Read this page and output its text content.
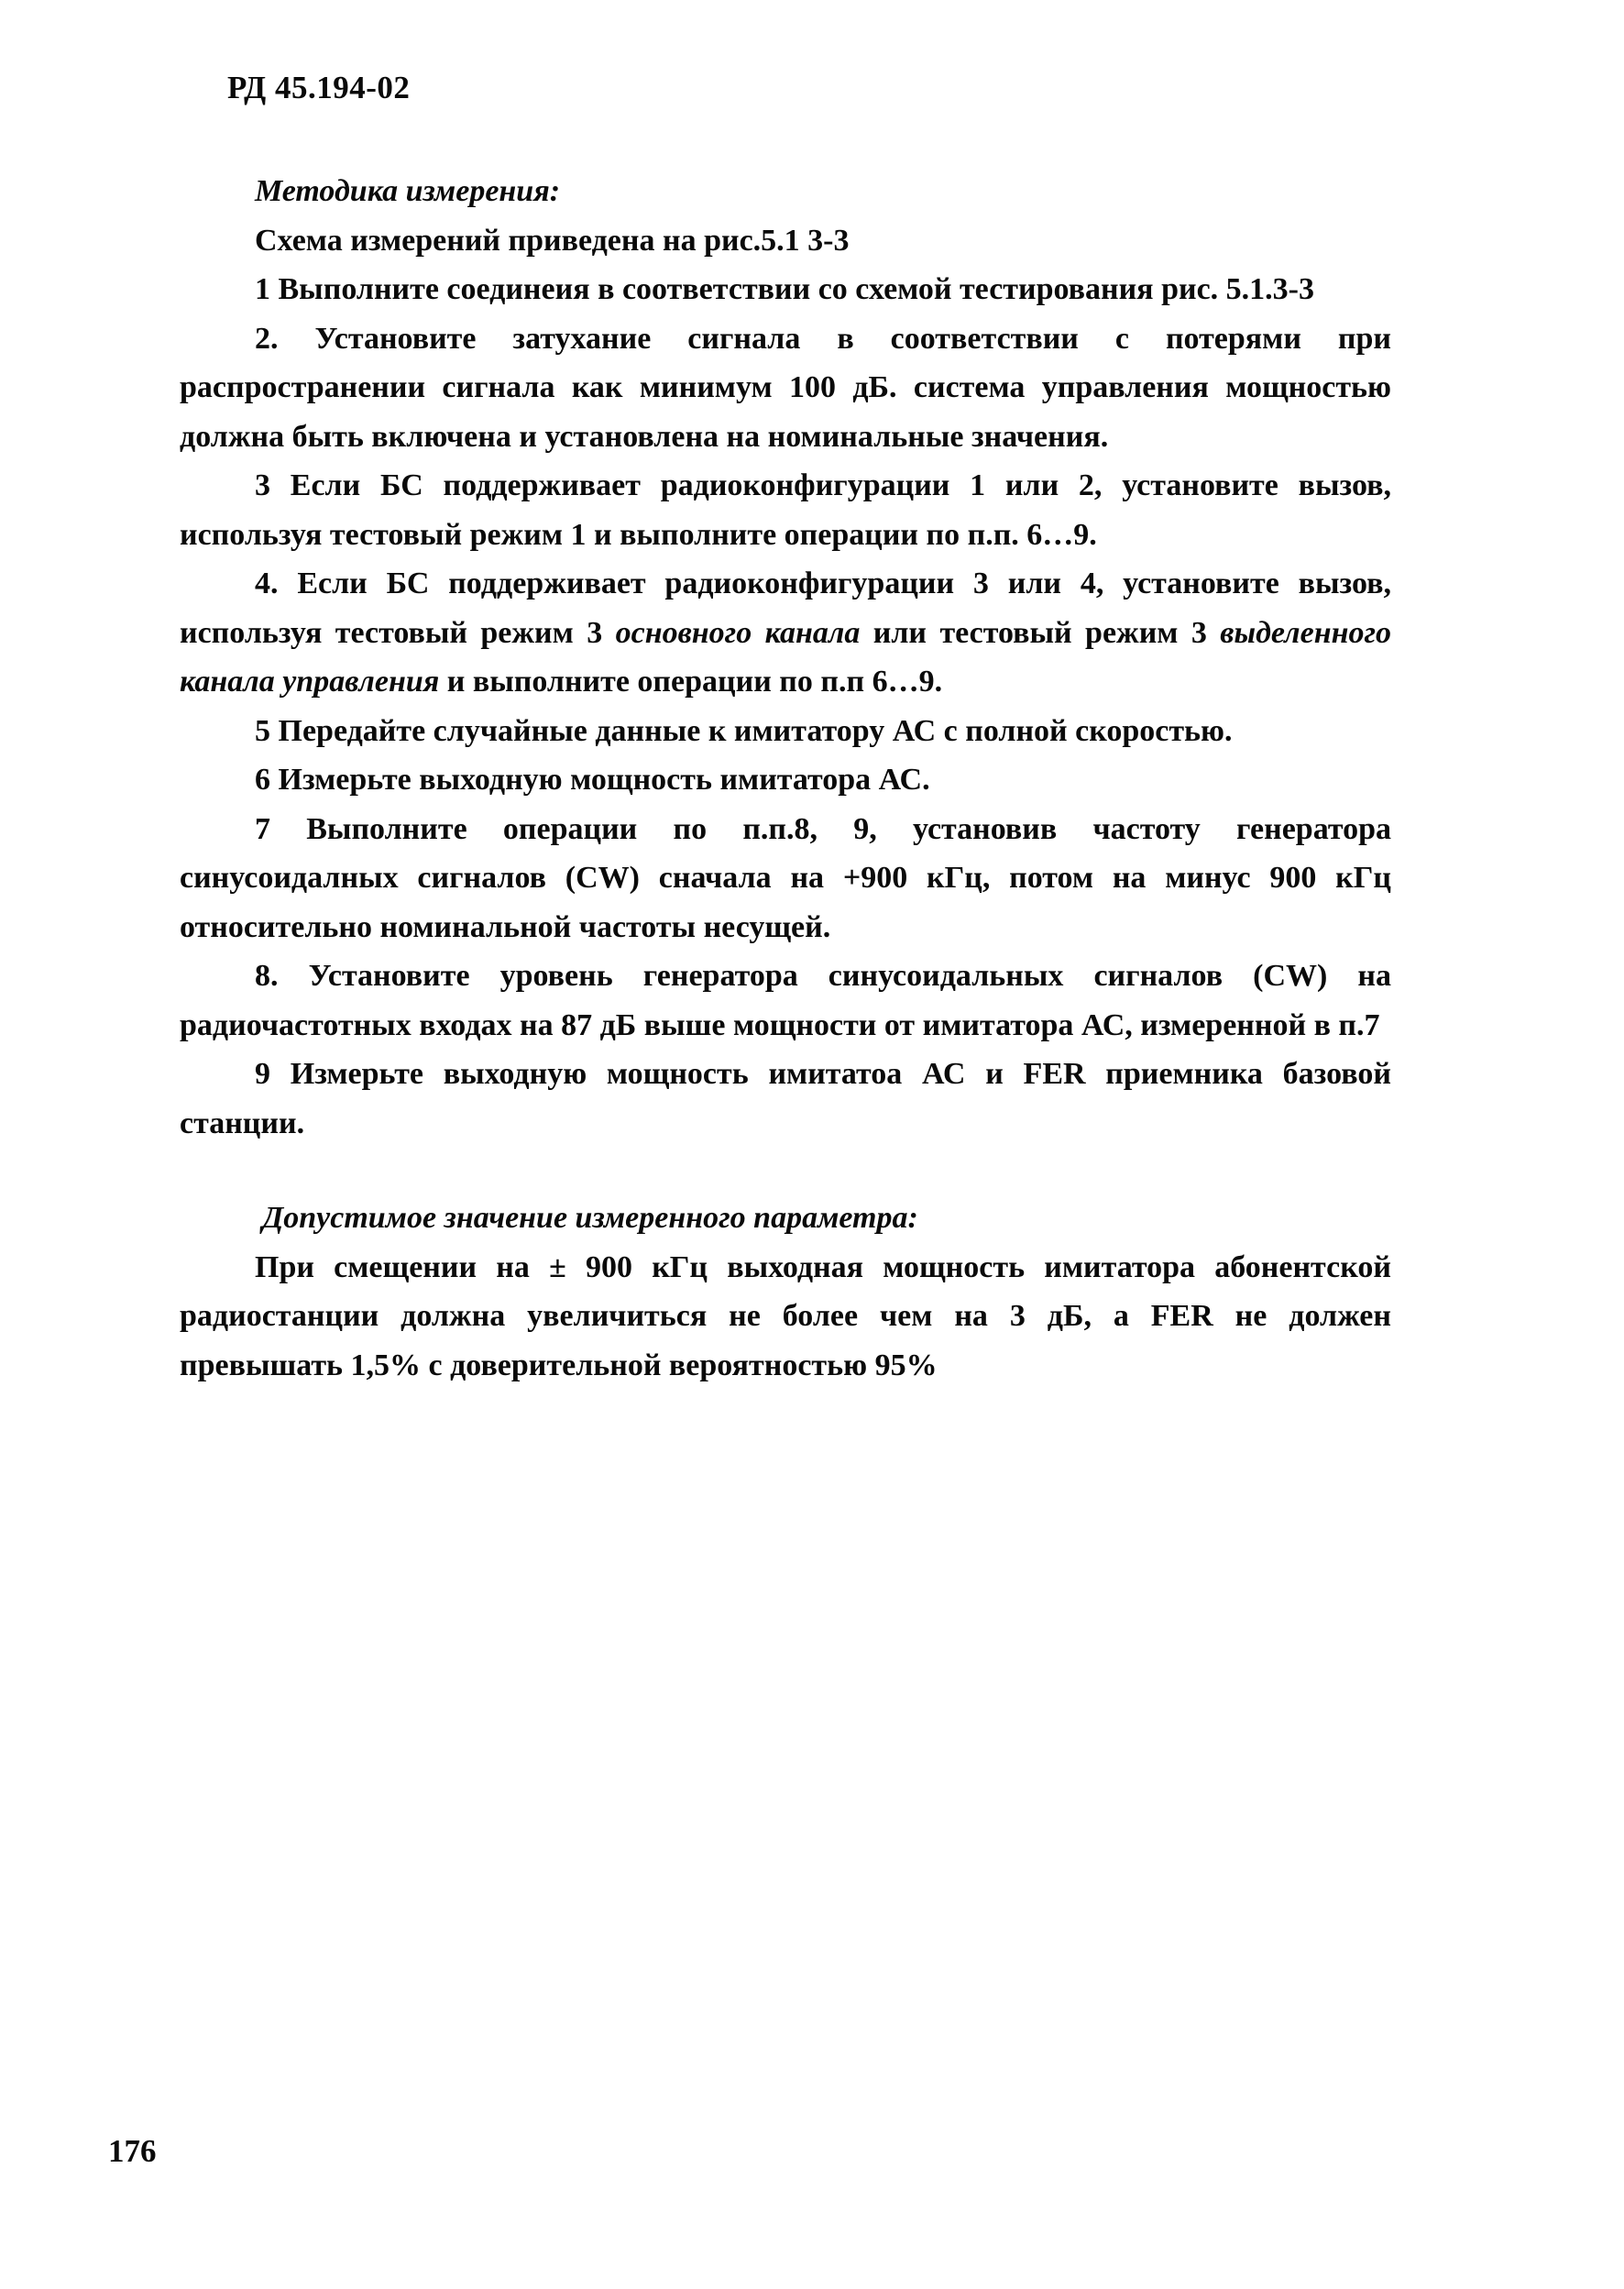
РД 45.194-02

Методика измерения:

Схема измерений приведена на рис.5.1 3-3

1 Выполните соединеия в соответствии со схемой тестирования рис. 5.1.3-3

2. Установите затухание сигнала в соответствии с потерями при распространении сигнала как минимум 100 дБ. система управления мощностью должна быть включена и установлена на номинальные значения.

3 Если БС поддерживает радиоконфигурации 1 или 2, установите вызов, используя тестовый режим 1 и выполните операции по п.п. 6…9.

4. Если БС поддерживает радиоконфигурации 3 или 4, установите вызов, используя тестовый режим 3 основного канала или тестовый режим 3 выделенного канала управления и выполните операции по п.п 6…9.

5 Передайте случайные данные к имитатору АС с полной скоростью.

6 Измерьте выходную мощность имитатора АС.

7 Выполните операции по п.п.8, 9, установив частоту генератора синусоидалных сигналов (CW) сначала на +900 кГц, потом на минус 900 кГц относительно номинальной частоты несущей.

8. Установите уровень генератора синусоидальных сигналов (CW) на радиочастотных входах на 87 дБ выше мощности от имитатора АС, измеренной в п.7

9 Измерьте выходную мощность имитатоа АС и FER приемника базовой станции.

Допустимое значение измеренного параметра:

При смещении на ± 900 кГц выходная мощность имитатора абонентской радиостанции должна увеличиться не более чем на 3 дБ, а FER не должен превышать 1,5% с доверительной вероятностью 95%

176
